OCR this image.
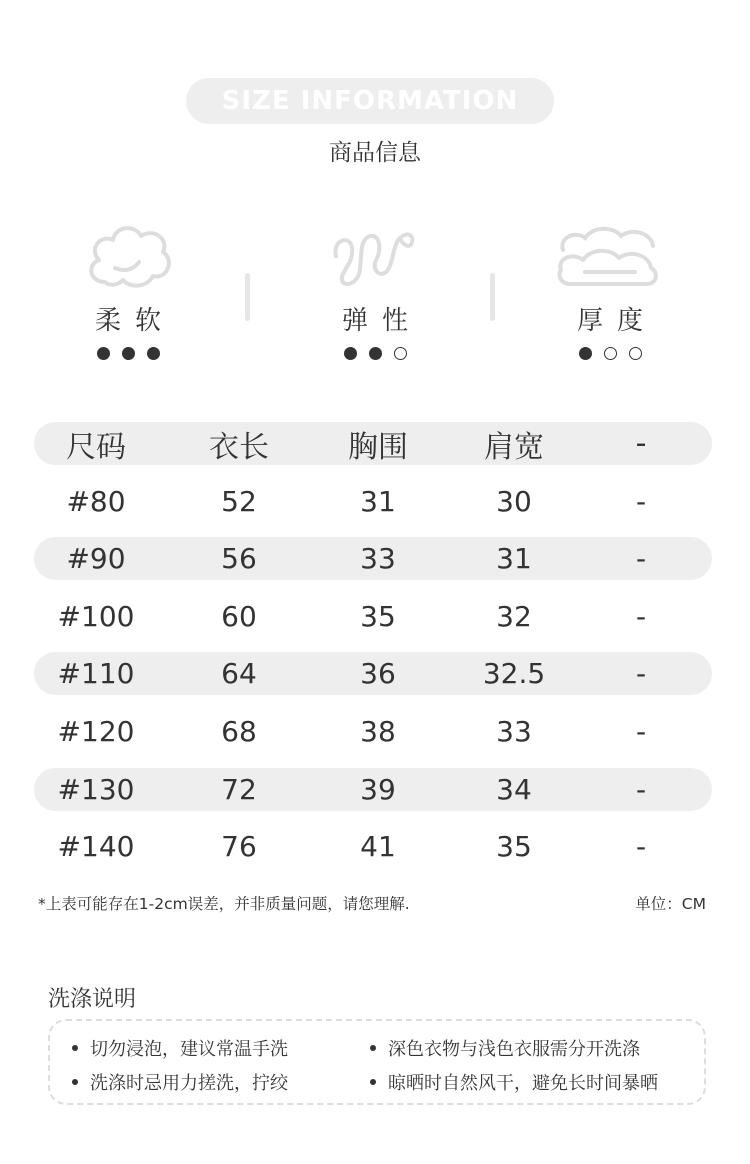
SIZE INFORMATION
商品信息
柔软	弹性	厚度
尺码	衣长	胸围	肩宽	-
#80	52	31	30	-
#90	56	33	31	-
#100	60	35	32	-
#110	64	36	32.5	-
#120	68	38	33	-
#130	72	39	34	-
#140	76	41	35	-
*上表可能存在1-2cm误差，并非质量问题，请您理解.	单位：CM
洗涤说明
切勿浸泡，建议常温手洗	深色衣物与浅色衣服需分开洗涤
洗涤时忌用力搓洗，拧绞	晾晒时自然风干，避免长时间暴晒
